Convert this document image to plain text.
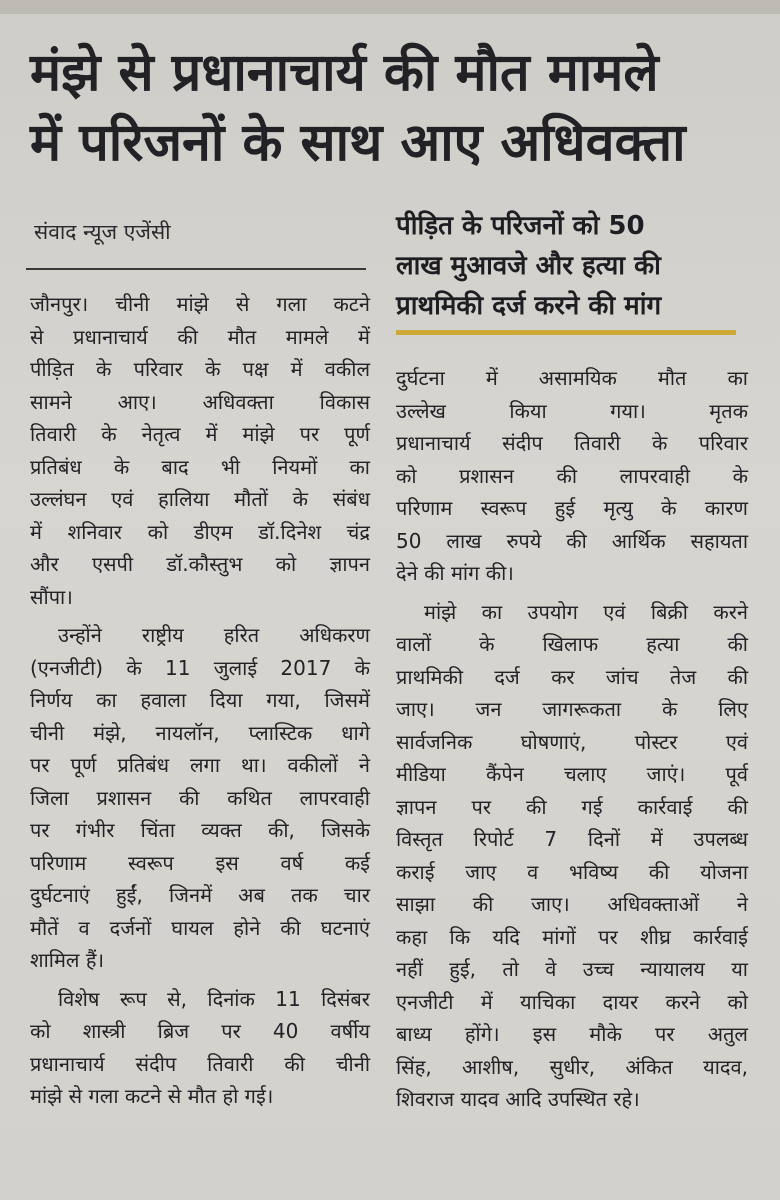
मंझे से प्रधानाचार्य की मौत मामले
में परिजनों के साथ आए अधिवक्ता
संवाद न्यूज एजेंसी	पीड़ित के परिजनों को 50
लाख मुआवजे और हत्या की
प्राथमिकी दर्ज करने की मांग
जौनपुर। चीनी मांझे से गला कटने
से प्रधानाचार्य की मौत मामले में
पीड़ित के परिवार के पक्ष में वकील
सामने आए। अधिवक्ता विकास
तिवारी के नेतृत्व में मांझे पर पूर्ण
प्रतिबंध के बाद भी नियमों का
उल्लंघन एवं हालिया मौतों के संबंध
में शनिवार को डीएम डॉ.दिनेश चंद्र
और एसपी डॉ.कौस्तुभ को ज्ञापन
सौंपा।
उन्होंने राष्ट्रीय हरित अधिकरण
(एनजीटी) के 11 जुलाई 2017 के
निर्णय का हवाला दिया गया, जिसमें
चीनी मंझे, नायलॉन, प्लास्टिक धागे
पर पूर्ण प्रतिबंध लगा था। वकीलों ने
जिला प्रशासन की कथित लापरवाही
पर गंभीर चिंता व्यक्त की, जिसके
परिणाम स्वरूप इस वर्ष कई
दुर्घटनाएं हुईं, जिनमें अब तक चार
मौतें व दर्जनों घायल होने की घटनाएं
शामिल हैं।
विशेष रूप से, दिनांक 11 दिसंबर
को शास्त्री ब्रिज पर 40 वर्षीय
प्रधानाचार्य संदीप तिवारी की चीनी
मांझे से गला कटने से मौत हो गई।
दुर्घटना में असामयिक मौत का
उल्लेख किया गया। मृतक
प्रधानाचार्य संदीप तिवारी के परिवार
को प्रशासन की लापरवाही के
परिणाम स्वरूप हुई मृत्यु के कारण
50 लाख रुपये की आर्थिक सहायता
देने की मांग की।
मांझे का उपयोग एवं बिक्री करने
वालों के खिलाफ हत्या की
प्राथमिकी दर्ज कर जांच तेज की
जाए। जन जागरूकता के लिए
सार्वजनिक घोषणाएं, पोस्टर एवं
मीडिया कैंपेन चलाए जाएं। पूर्व
ज्ञापन पर की गई कार्रवाई की
विस्तृत रिपोर्ट 7 दिनों में उपलब्ध
कराई जाए व भविष्य की योजना
साझा की जाए। अधिवक्ताओं ने
कहा कि यदि मांगों पर शीघ्र कार्रवाई
नहीं हुई, तो वे उच्च न्यायालय या
एनजीटी में याचिका दायर करने को
बाध्य होंगे। इस मौके पर अतुल
सिंह, आशीष, सुधीर, अंकित यादव,
शिवराज यादव आदि उपस्थित रहे।
